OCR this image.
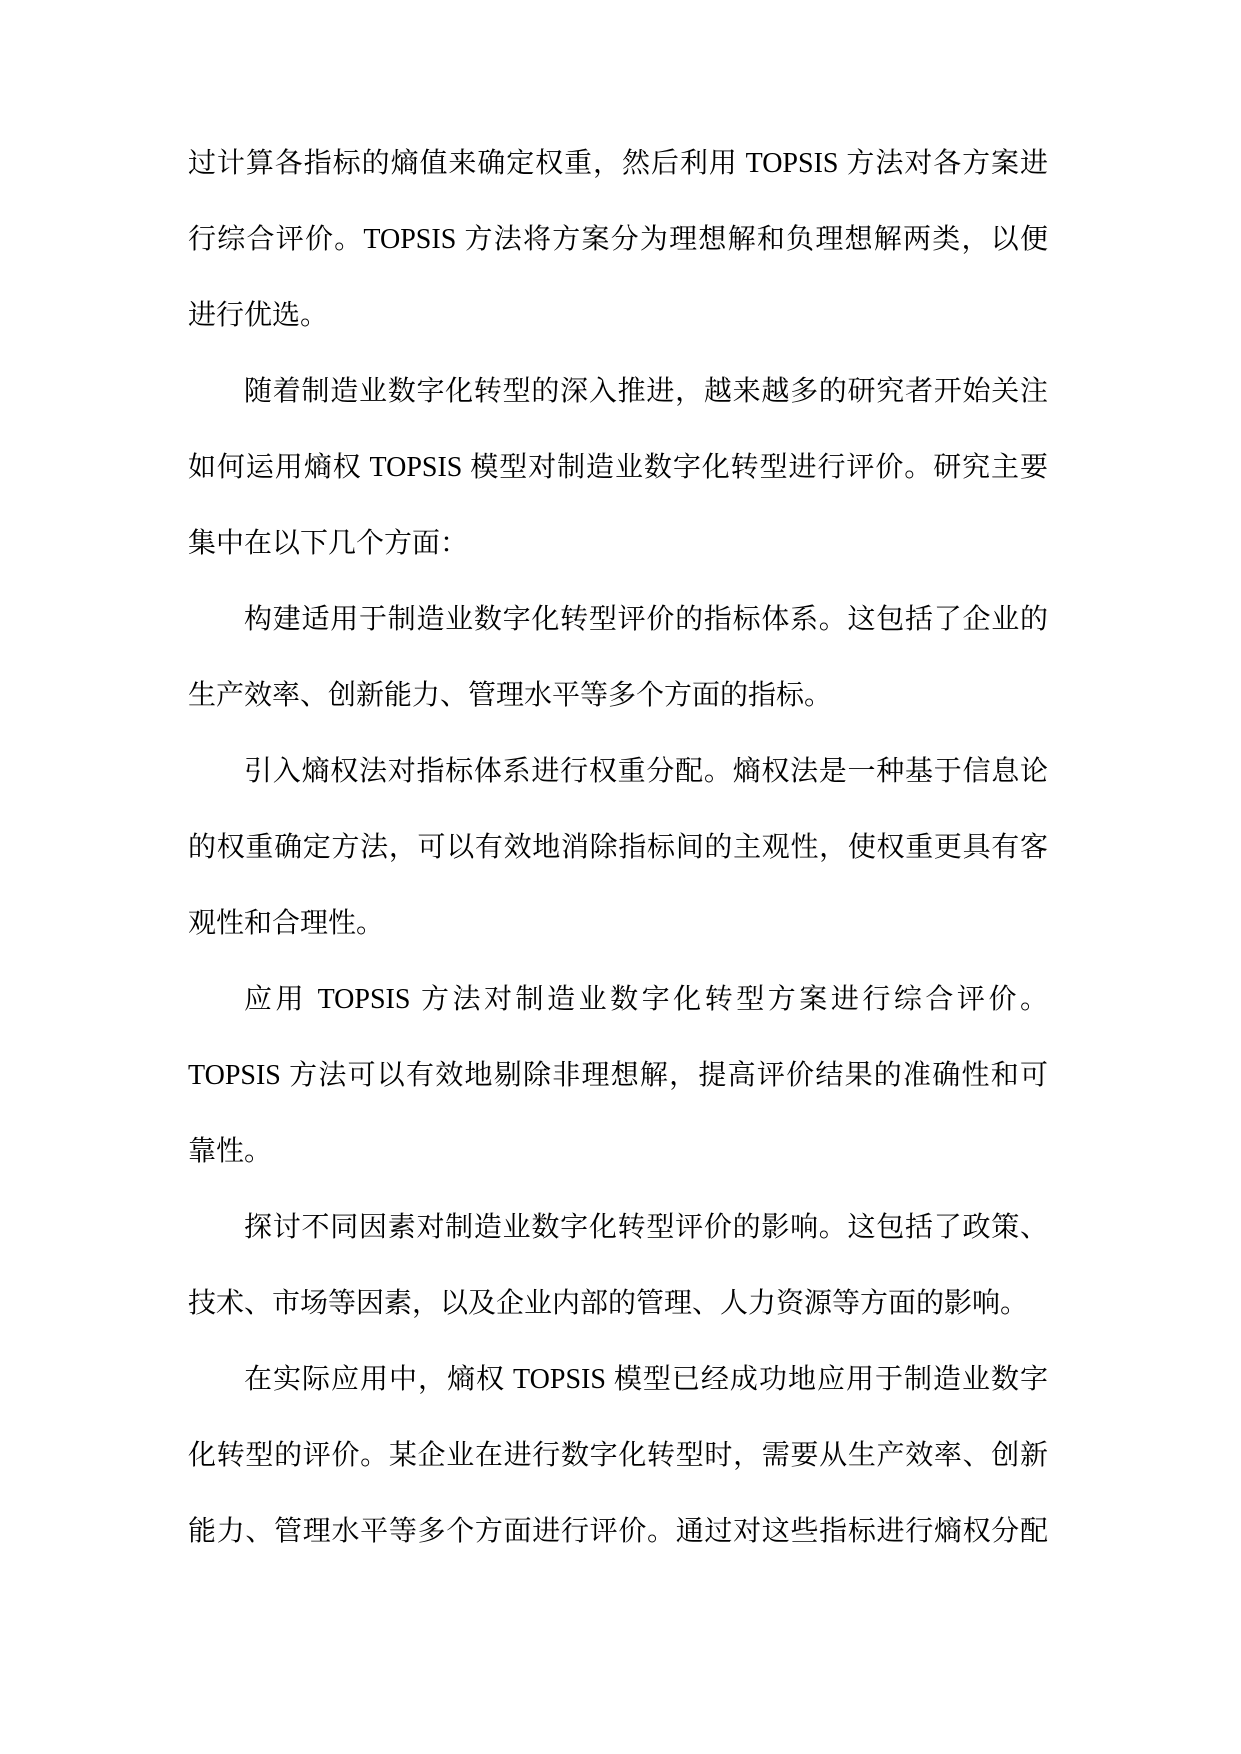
过计算各指标的熵值来确定权重，然后利用 TOPSIS 方法对各方案进
行综合评价。TOPSIS 方法将方案分为理想解和负理想解两类，以便
进行优选。
随着制造业数字化转型的深入推进，越来越多的研究者开始关注
如何运用熵权 TOPSIS 模型对制造业数字化转型进行评价。研究主要
集中在以下几个方面：
构建适用于制造业数字化转型评价的指标体系。这包括了企业的
生产效率、创新能力、管理水平等多个方面的指标。
引入熵权法对指标体系进行权重分配。熵权法是一种基于信息论
的权重确定方法，可以有效地消除指标间的主观性，使权重更具有客
观性和合理性。
应用 TOPSIS 方法对制造业数字化转型方案进行综合评价。
TOPSIS 方法可以有效地剔除非理想解，提高评价结果的准确性和可
靠性。
探讨不同因素对制造业数字化转型评价的影响。这包括了政策、
技术、市场等因素，以及企业内部的管理、人力资源等方面的影响。
在实际应用中，熵权 TOPSIS 模型已经成功地应用于制造业数字
化转型的评价。某企业在进行数字化转型时，需要从生产效率、创新
能力、管理水平等多个方面进行评价。通过对这些指标进行熵权分配
